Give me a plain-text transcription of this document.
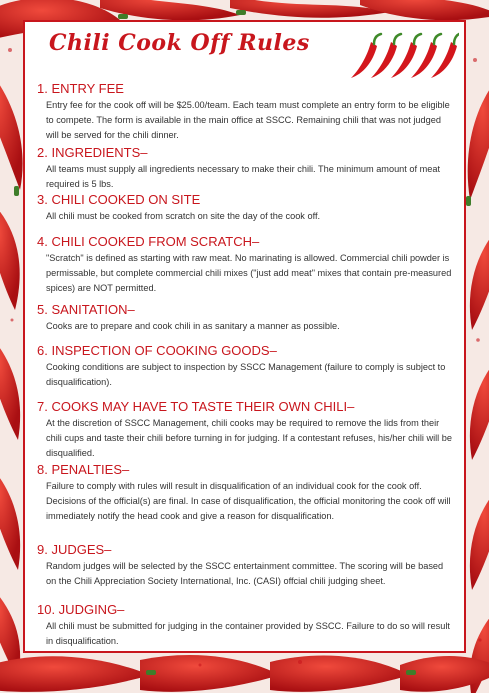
Chili Cook Off Rules
1. ENTRY FEE
Entry fee for the cook off will be $25.00/team. Each team must complete an entry form to be eligible to compete. The form is available in the main office at SSCC. Remaining chili that was not judged will be served for the chili dinner.
2. INGREDIENTS–
All teams must supply all ingredients necessary to make their chili. The minimum amount of meat required is 5 lbs.
3. CHILI COOKED ON SITE
All chili must be cooked from scratch on site the day of the cook off.
4. CHILI COOKED FROM SCRATCH–
"Scratch" is defined as starting with raw meat. No marinating is allowed. Commercial chili powder is permissable, but complete commercial chili mixes ("just add meat" mixes that contain pre-measured spices) are NOT permitted.
5. SANITATION–
Cooks are to prepare and cook chili in as sanitary a manner as possible.
6. INSPECTION OF COOKING GOODS–
Cooking conditions are subject to inspection by SSCC Management (failure to comply is subject to disqualification).
7. COOKS MAY HAVE TO TASTE THEIR OWN CHILI–
At the discretion of SSCC Management, chili cooks may be required to remove the lids from their chili cups and taste their chili before turning in for judging. If a contestant refuses, his/her chili will be disqualified.
8. PENALTIES–
Failure to comply with rules will result in disqualification of an individual cook for the cook off. Decisions of the official(s) are final. In case of disqualification, the official monitoring the cook off will immediately notify the head cook and give a reason for disqualification.
9. JUDGES–
Random judges will be selected by the SSCC entertainment committee. The scoring will be based on the Chili Appreciation Society International, Inc. (CASI) offcial chili judging sheet.
10. JUDGING–
All chili must be submitted for judging in the container provided by SSCC. Failure to do so will result in disqualification.
